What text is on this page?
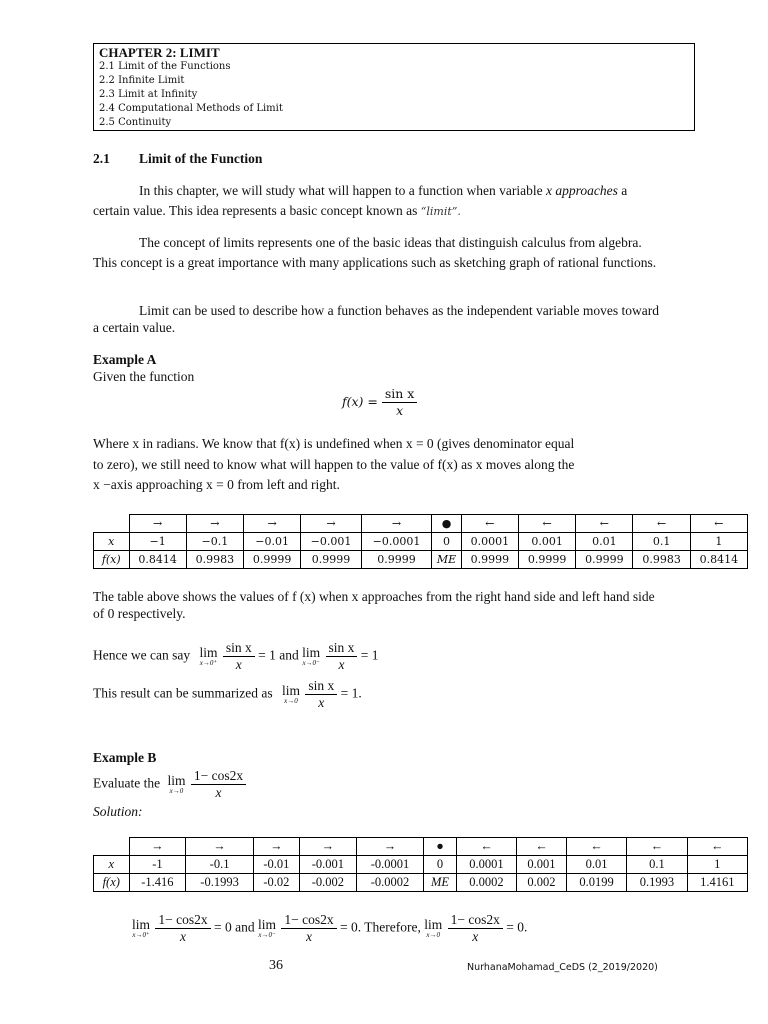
CHAPTER 2: LIMIT
2.1 Limit of the Functions
2.2 Infinite Limit
2.3 Limit at Infinity
2.4 Computational Methods of Limit
2.5 Continuity
2.1 Limit of the Function
In this chapter, we will study what will happen to a function when variable x approaches a certain value. This idea represents a basic concept known as “limit”.
The concept of limits represents one of the basic ideas that distinguish calculus from algebra. This concept is a great importance with many applications such as sketching graph of rational functions.
Limit can be used to describe how a function behaves as the independent variable moves toward a certain value.
Example A
Given the function
$f(x) = \frac{\text{sin x}}{x}$
Where x in radians. We know that f(x) is undefined when x = 0 (gives denominator equal
to zero), we still need to know what will happen to the value of f(x) as x moves along the
x −axis approaching x = 0 from left and right.
	→	→	→	→	→	●	←	←	←	←	←
x	−1	−0.1	−0.01	−0.001	−0.0001	0	0.0001	0.001	0.01	0.1	1
f(x)	0.8414	0.9983	0.9999	0.9999	0.9999	ME	0.9999	0.9999	0.9999	0.9983	0.8414
The table above shows the values of f (x) when x approaches from the right hand side and left hand side of 0 respectively.
Hence we can say lim
x→0⁺
$\frac{\text{sin x}}{x} = 1$ and lim
x→0⁻
$\frac{\text{sin x}}{x} = 1$
This result can be summarized as lim
x→0
$\frac{\text{sin x}}{x} = 1$.
Example B
Evaluate the lim
x→0
$\frac{1- \cos 2x}{x}$
Solution:
	→	→	→	→	→	●	←	←	←	←	←
x	-1	-0.1	-0.01	-0.001	-0.0001	0	0.0001	0.001	0.01	0.1	1
f(x)	-1.416	-0.1993	-0.02	-0.002	-0.0002	ME	0.0002	0.002	0.0199	0.1993	1.4161
lim
x→0⁺
$\frac{1- \cos 2x}{x} = 0$ and lim
x→0⁻
$\frac{1- \cos 2x}{x} = 0$. Therefore, lim
x→0
$\frac{1- \cos 2x}{x} = 0$.
36	NurhanaMohamad_CeDS (2_2019/2020)
